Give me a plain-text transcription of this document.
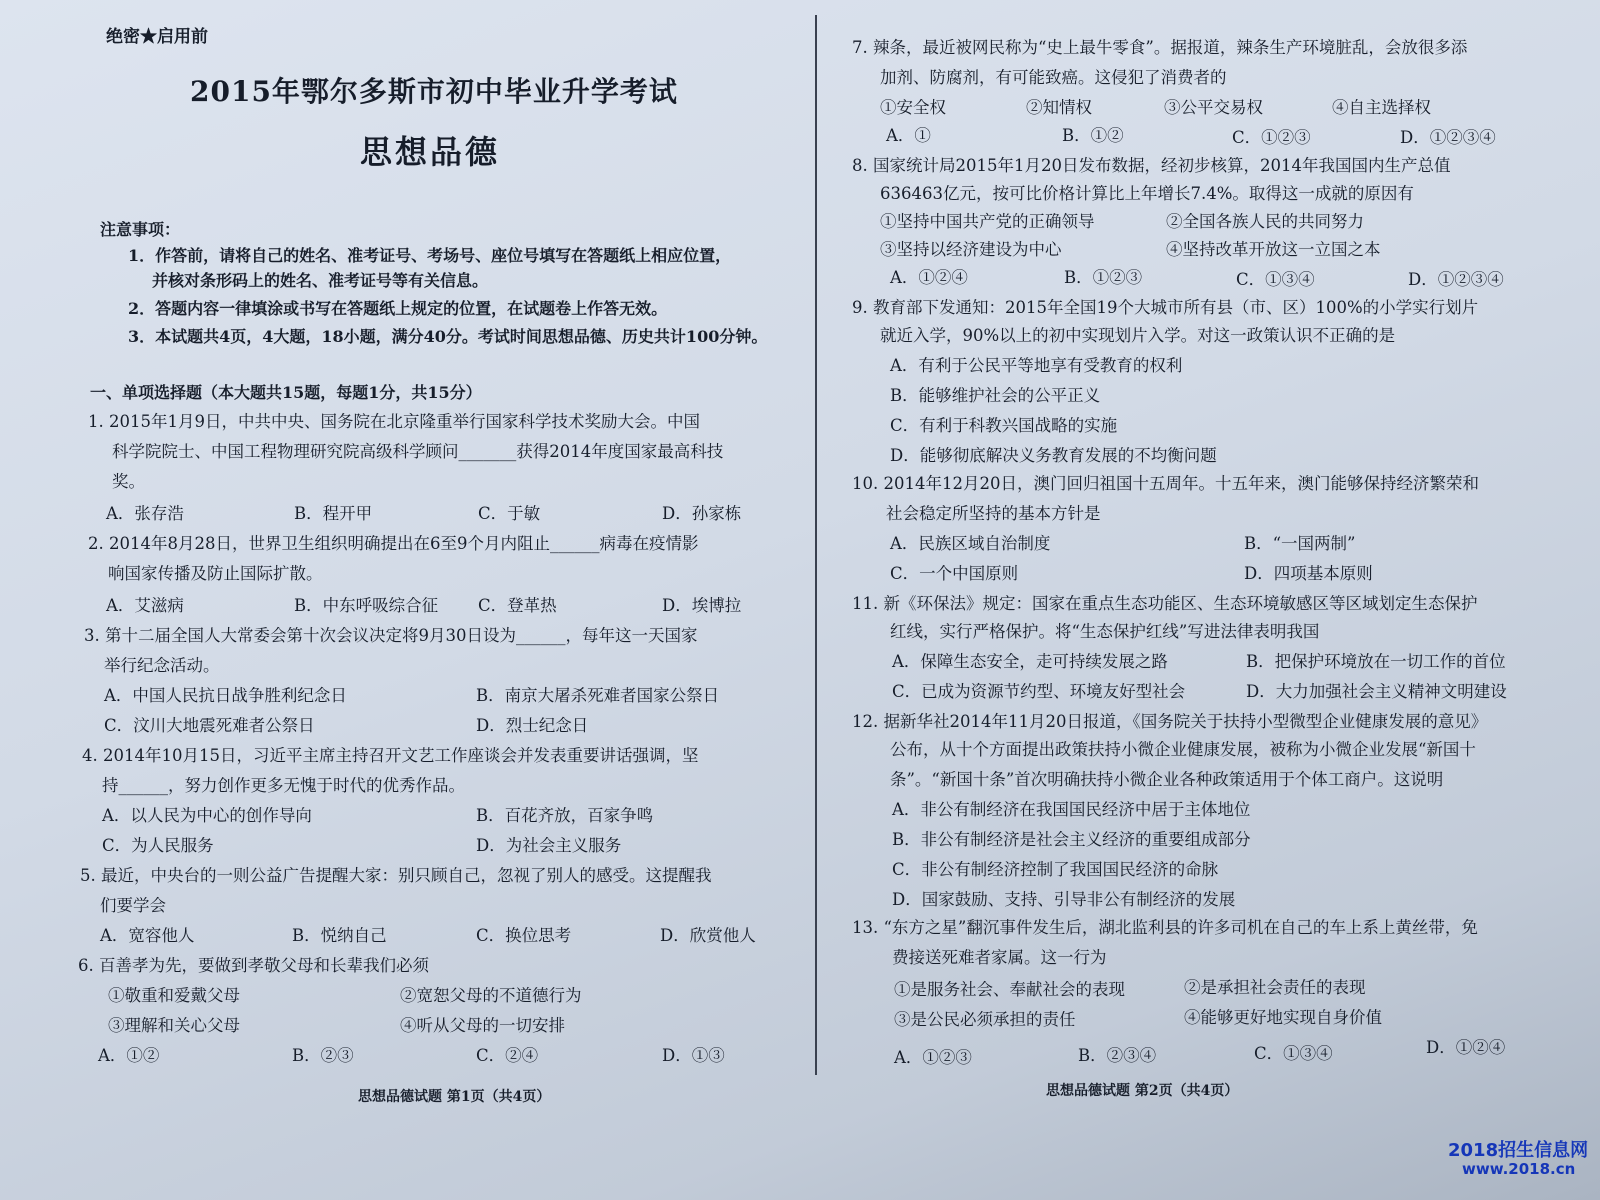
绝密★启用前
2015年鄂尔多斯市初中毕业升学考试
思想品德
注意事项：
1．作答前，请将自己的姓名、准考证号、考场号、座位号填写在答题纸上相应位置，
并核对条形码上的姓名、准考证号等有关信息。
2．答题内容一律填涂或书写在答题纸上规定的位置，在试题卷上作答无效。
3．本试题共4页，4大题，18小题，满分40分。考试时间思想品德、历史共计100分钟。
一、单项选择题（本大题共15题，每题1分，共15分）
1. 2015年1月9日，中共中央、国务院在北京隆重举行国家科学技术奖励大会。中国
科学院院士、中国工程物理研究院高级科学顾问_______获得2014年度国家最高科技
奖。
A．张存浩	B．程开甲	C．于敏	D．孙家栋
2. 2014年8月28日，世界卫生组织明确提出在6至9个月内阻止______病毒在疫情影
响国家传播及防止国际扩散。
A．艾滋病	B．中东呼吸综合征 C．登革热	D．埃博拉
3. 第十二届全国人大常委会第十次会议决定将9月30日设为______，每年这一天国家
举行纪念活动。
A．中国人民抗日战争胜利纪念日	B．南京大屠杀死难者国家公祭日
C．汶川大地震死难者公祭日	D．烈士纪念日
4. 2014年10月15日，习近平主席主持召开文艺工作座谈会并发表重要讲话强调，坚
持______，努力创作更多无愧于时代的优秀作品。
A．以人民为中心的创作导向	B．百花齐放，百家争鸣
C．为人民服务	D．为社会主义服务
5. 最近，中央台的一则公益广告提醒大家：别只顾自己，忽视了别人的感受。这提醒我
们要学会
A．宽容他人	B．悦纳自己	C．换位思考	D．欣赏他人
6. 百善孝为先，要做到孝敬父母和长辈我们必须
①敬重和爱戴父母	②宽恕父母的不道德行为
③理解和关心父母	④听从父母的一切安排
A．①②	B．②③	C．②④	D．①③
思想品德试题 第1页（共4页）
7. 辣条，最近被网民称为“史上最牛零食”。据报道，辣条生产环境脏乱，会放很多添
加剂、防腐剂，有可能致癌。这侵犯了消费者的
①安全权	②知情权	③公平交易权	④自主选择权
A．①	B．①②	C．①②③	D．①②③④
8. 国家统计局2015年1月20日发布数据，经初步核算，2014年我国国内生产总值
636463亿元，按可比价格计算比上年增长7.4%。取得这一成就的原因有
①坚持中国共产党的正确领导	②全国各族人民的共同努力
③坚持以经济建设为中心	④坚持改革开放这一立国之本
A．①②④	B．①②③	C．①③④	D．①②③④
9. 教育部下发通知：2015年全国19个大城市所有县（市、区）100%的小学实行划片
就近入学，90%以上的初中实现划片入学。对这一政策认识不正确的是
A．有利于公民平等地享有受教育的权利
B．能够维护社会的公平正义
C．有利于科教兴国战略的实施
D．能够彻底解决义务教育发展的不均衡问题
10. 2014年12月20日，澳门回归祖国十五周年。十五年来，澳门能够保持经济繁荣和
社会稳定所坚持的基本方针是
A．民族区域自治制度	B．“一国两制”
C．一个中国原则	D．四项基本原则
11. 新《环保法》规定：国家在重点生态功能区、生态环境敏感区等区域划定生态保护
红线，实行严格保护。将“生态保护红线”写进法律表明我国
A．保障生态安全，走可持续发展之路	B．把保护环境放在一切工作的首位
C．已成为资源节约型、环境友好型社会	D．大力加强社会主义精神文明建设
12. 据新华社2014年11月20日报道，《国务院关于扶持小型微型企业健康发展的意见》
公布，从十个方面提出政策扶持小微企业健康发展，被称为小微企业发展“新国十
条”。“新国十条”首次明确扶持小微企业各种政策适用于个体工商户。这说明
A．非公有制经济在我国国民经济中居于主体地位
B．非公有制经济是社会主义经济的重要组成部分
C．非公有制经济控制了我国国民经济的命脉
D．国家鼓励、支持、引导非公有制经济的发展
13. “东方之星”翻沉事件发生后，湖北监利县的许多司机在自己的车上系上黄丝带，免
费接送死难者家属。这一行为
①是服务社会、奉献社会的表现	②是承担社会责任的表现
③是公民必须承担的责任	④能够更好地实现自身价值
A．①②③	B．②③④	C．①③④	D．①②④
思想品德试题 第2页（共4页）
2018招生信息网
www.2018.cn
